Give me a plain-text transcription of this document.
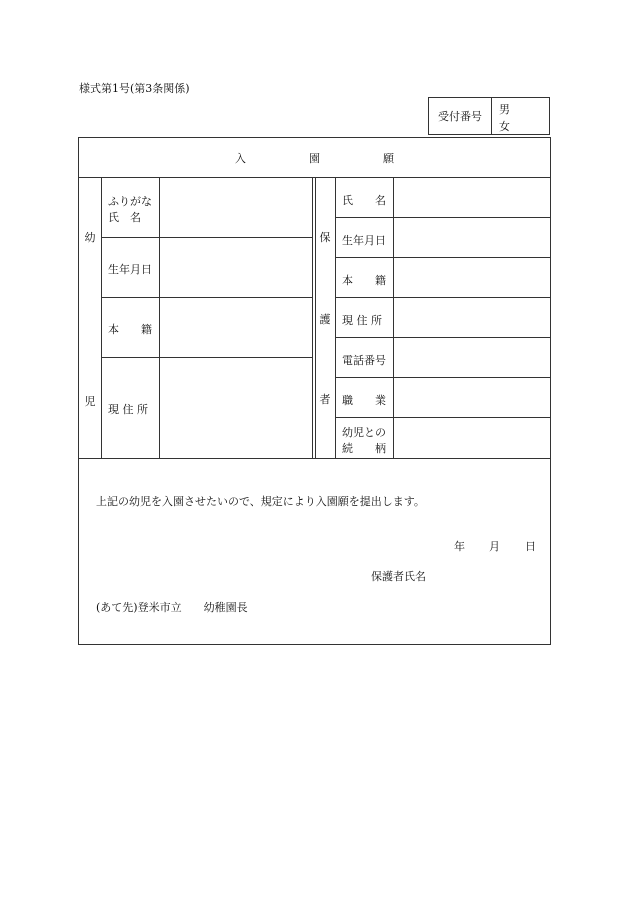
様式第1号(第3条関係)
受付番号
男
女
入	園	願
幼
児
ふりがな
氏　名
生年月日
本　　籍
現 住 所
保
護
者
氏　　名
生年月日
本　　籍
現 住 所
電話番号
職　　業
幼児との
続　　柄
上記の幼児を入園させたいので、規定により入園願を提出します。
年 月 日
保護者氏名
(あて先)登米市立　　幼稚園長
